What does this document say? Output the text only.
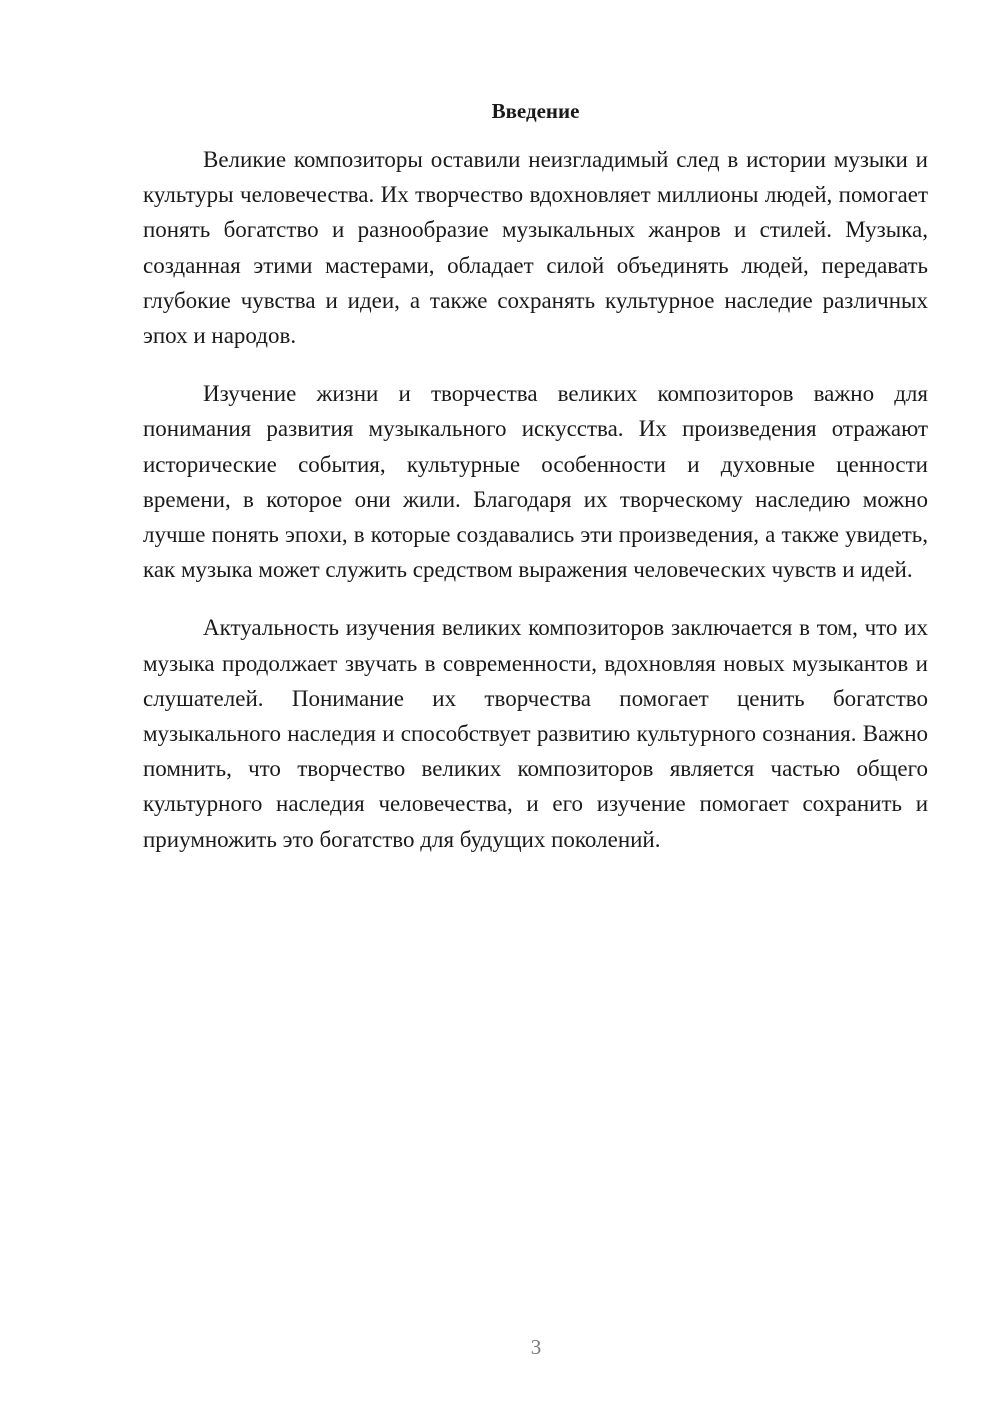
Введение

Великие композиторы оставили неизгладимый след в истории музыки и культуры человечества. Их творчество вдохновляет миллионы людей, помогает понять богатство и разнообразие музыкальных жанров и стилей. Музыка, созданная этими мастерами, обладает силой объединять людей, передавать глубокие чувства и идеи, а также сохранять культурное наследие различных эпох и народов.

Изучение жизни и творчества великих композиторов важно для понимания развития музыкального искусства. Их произведения отражают исторические события, культурные особенности и духовные ценности времени, в которое они жили. Благодаря их творческому наследию можно лучше понять эпохи, в которые создавались эти произведения, а также увидеть, как музыка может служить средством выражения человеческих чувств и идей.

Актуальность изучения великих композиторов заключается в том, что их музыка продолжает звучать в современности, вдохновляя новых музыкантов и слушателей. Понимание их творчества помогает ценить богатство музыкального наследия и способствует развитию культурного сознания. Важно помнить, что творчество великих композиторов является частью общего культурного наследия человечества, и его изучение помогает сохранить и приумножить это богатство для будущих поколений.

3
